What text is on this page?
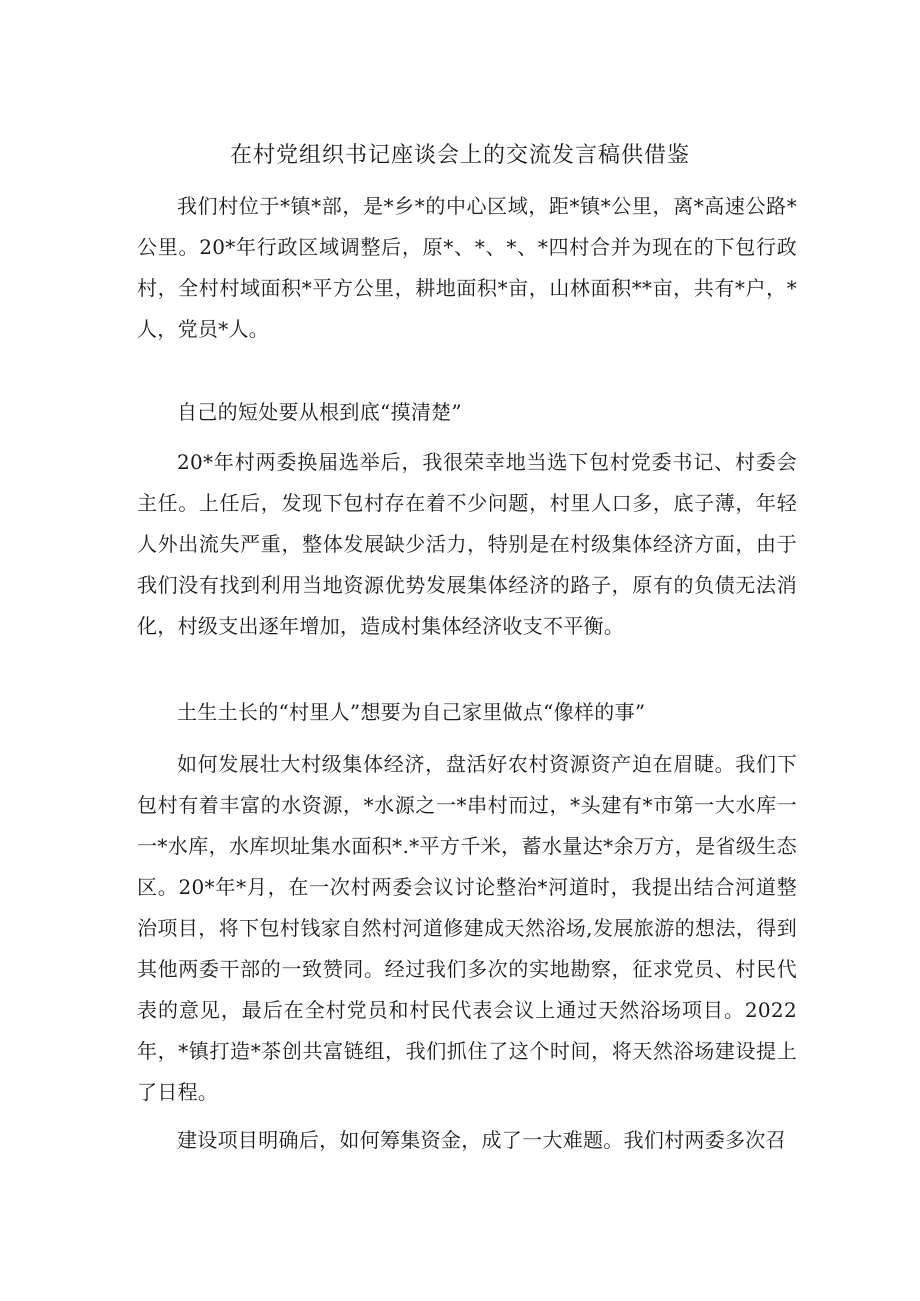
在村党组织书记座谈会上的交流发言稿供借鉴

我们村位于*镇*部，是*乡*的中心区域，距*镇*公里，离*高速公路*公里。20*年行政区域调整后，原*、*、*、*四村合并为现在的下包行政村，全村村域面积*平方公里，耕地面积*亩，山林面积**亩，共有*户，*人，党员*人。

自己的短处要从根到底“摸清楚”

20*年村两委换届选举后，我很荣幸地当选下包村党委书记、村委会主任。上任后，发现下包村存在着不少问题，村里人口多，底子薄，年轻人外出流失严重，整体发展缺少活力，特别是在村级集体经济方面，由于我们没有找到利用当地资源优势发展集体经济的路子，原有的负债无法消化，村级支出逐年增加，造成村集体经济收支不平衡。

土生土长的“村里人”想要为自己家里做点“像样的事”

如何发展壮大村级集体经济，盘活好农村资源资产迫在眉睫。我们下包村有着丰富的水资源，*水源之一*串村而过，*头建有*市第一大水库一一*水库，水库坝址集水面积*.*平方千米，蓄水量达*余万方，是省级生态区。20*年*月，在一次村两委会议讨论整治*河道时，我提出结合河道整治项目，将下包村钱家自然村河道修建成天然浴场,发展旅游的想法，得到其他两委干部的一致赞同。经过我们多次的实地勘察，征求党员、村民代表的意见，最后在全村党员和村民代表会议上通过天然浴场项目。2022年，*镇打造*茶创共富链组，我们抓住了这个时间，将天然浴场建设提上了日程。

建设项目明确后，如何筹集资金，成了一大难题。我们村两委多次召
